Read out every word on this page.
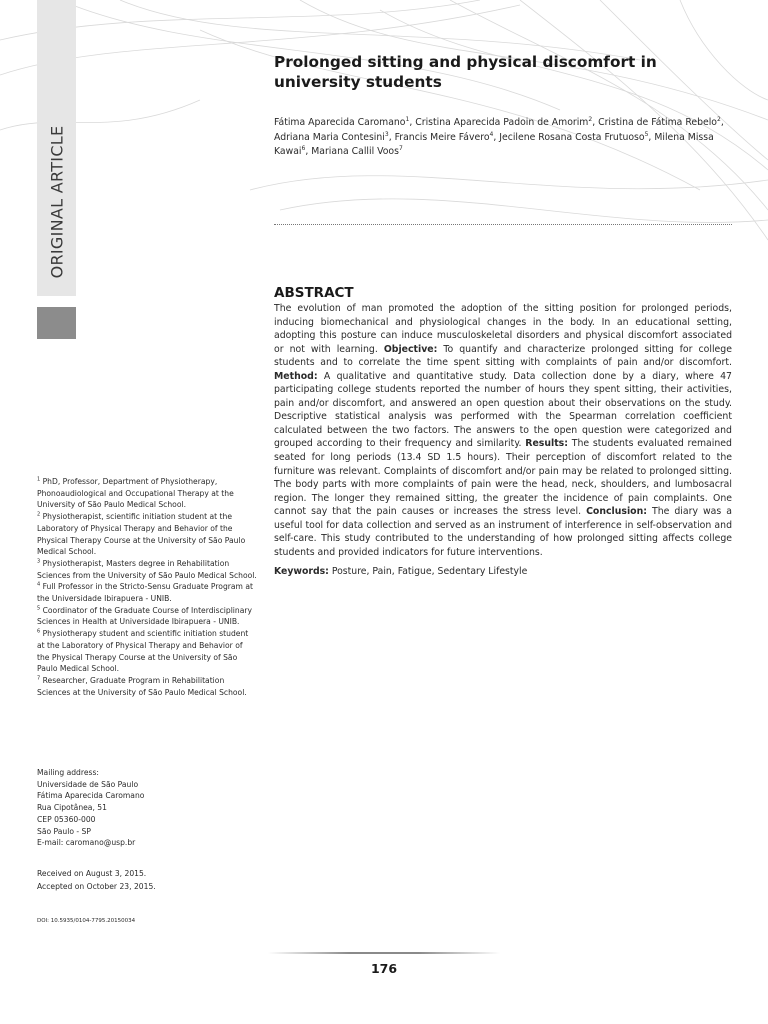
ORIGINAL ARTICLE
Prolonged sitting and physical discomfort in university students
Fátima Aparecida Caromano$^1$, Cristina Aparecida Padoin de Amorim$^2$, Cristina de Fátima Rebelo$^2$, Adriana Maria Contesini$^3$, Francis Meire Fávero$^4$, Jecilene Rosana Costa Frutuoso$^5$, Milena Missa Kawai$^6$, Mariana Callil Voos$^7$
ABSTRACT

The evolution of man promoted the adoption of the sitting position for prolonged periods, inducing biomechanical and physiological changes in the body. In an educational setting, adopting this posture can induce musculoskeletal disorders and physical discomfort associated or not with learning. Objective: To quantify and characterize prolonged sitting for college students and to correlate the time spent sitting with complaints of pain and/or discomfort. Method: A qualitative and quantitative study. Data collection done by a diary, where 47 participating college students reported the number of hours they spent sitting, their activities, pain and/or discomfort, and answered an open question about their observations on the study. Descriptive statistical analysis was performed with the Spearman correlation coefficient calculated between the two factors. The answers to the open question were categorized and grouped according to their frequency and similarity. Results: The students evaluated remained seated for long periods (13.4 SD 1.5 hours). Their perception of discomfort related to the furniture was relevant. Complaints of discomfort and/or pain may be related to prolonged sitting. The body parts with more complaints of pain were the head, neck, shoulders, and lumbosacral region. The longer they remained sitting, the greater the incidence of pain complaints. One cannot say that the pain causes or increases the stress level. Conclusion: The diary was a useful tool for data collection and served as an instrument of interference in self-observation and self-care. This study contributed to the understanding of how prolonged sitting affects college students and provided indicators for future interventions.

Keywords: Posture, Pain, Fatigue, Sedentary Lifestyle
$^1$ PhD, Professor, Department of Physiotherapy, Phonoaudiological and Occupational Therapy at the University of São Paulo Medical School.
$^2$ Physiotherapist, scientific initiation student at the Laboratory of Physical Therapy and Behavior of the Physical Therapy Course at the University of São Paulo Medical School.
$^3$ Physiotherapist, Masters degree in Rehabilitation Sciences from the University of São Paulo Medical School.
$^4$ Full Professor in the Stricto-Sensu Graduate Program at the Universidade Ibirapuera - UNIB.
$^5$ Coordinator of the Graduate Course of Interdisciplinary Sciences in Health at Universidade Ibirapuera - UNIB.
$^6$ Physiotherapy student and scientific initiation student at the Laboratory of Physical Therapy and Behavior of the Physical Therapy Course at the University of São Paulo Medical School.
$^7$ Researcher, Graduate Program in Rehabilitation Sciences at the University of São Paulo Medical School.
Mailing address:
Universidade de São Paulo
Fátima Aparecida Caromano
Rua Cipotânea, 51
CEP 05360-000
São Paulo - SP
E-mail: caromano@usp.br
Received on August 3, 2015.
Accepted on October 23, 2015.
DOI: 10.5935/0104-7795.20150034
176
